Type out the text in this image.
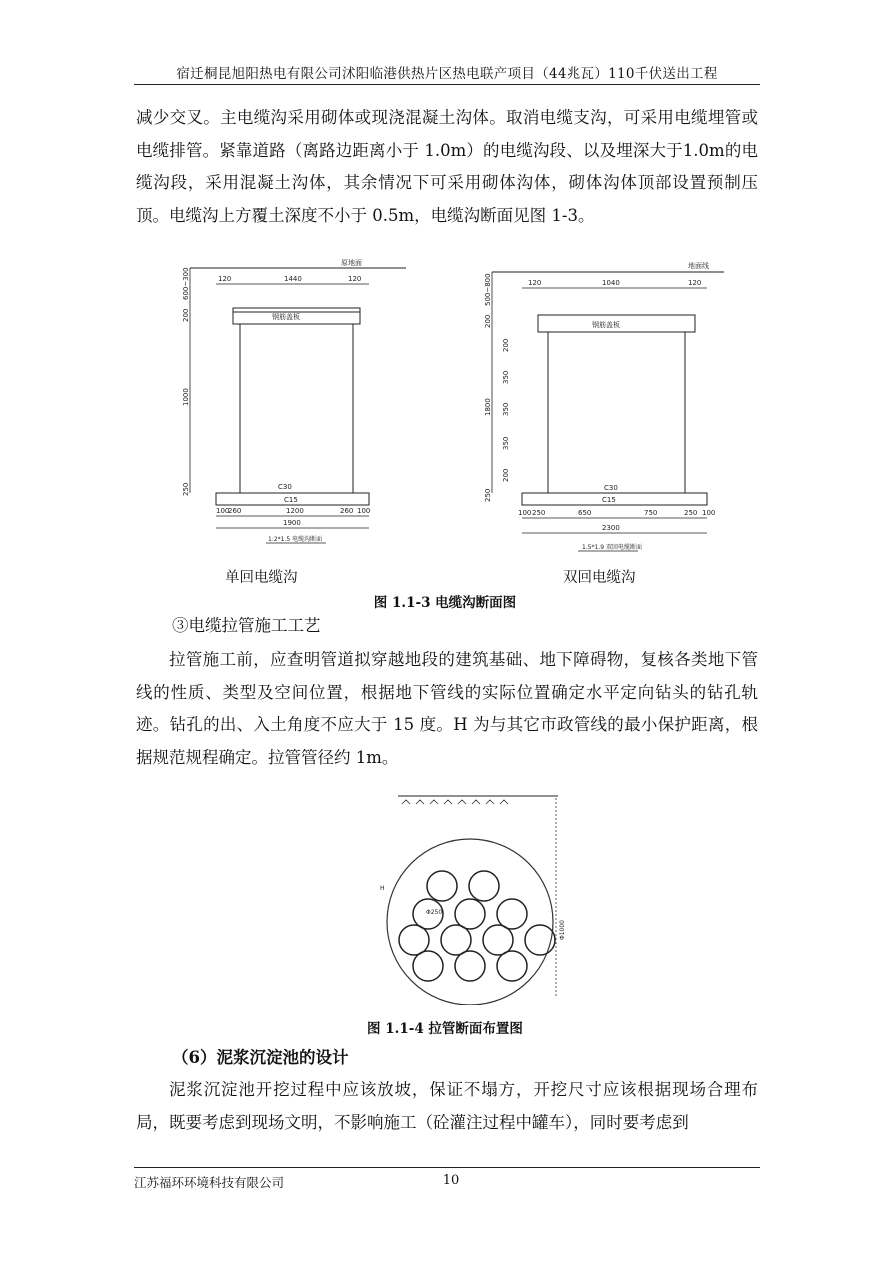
宿迁桐昆旭阳热电有限公司沭阳临港供热片区热电联产项目（44兆瓦）110千伏送出工程
减少交叉。主电缆沟采用砌体或现浇混凝土沟体。取消电缆支沟，可采用电缆埋管或电缆排管。紧靠道路（离路边距离小于 1.0m）的电缆沟段、以及埋深大于1.0m的电缆沟段，采用混凝土沟体，其余情况下可采用砌体沟体，砌体沟体顶部设置预制压顶。电缆沟上方覆土深度不小于 0.5m，电缆沟断面见图 1-3。
原地面
120	1440	120
钢筋盖板
C30
C15
100
260	1200	260 100
1900
1:2*1.5 电缆沟断面
600~300
200
1000
250
地面线
120	1040	120
钢筋盖板
C30
C15
100 250	650	750	250 100
2300
1.5*1.9 双回电缆断面
500~800
200
1800
250
200
350
350
350
200
单回电缆沟	双回电缆沟
图 1.1-3 电缆沟断面图
③电缆拉管施工工艺
拉管施工前，应查明管道拟穿越地段的建筑基础、地下障碍物，复核各类地下管线的性质、类型及空间位置，根据地下管线的实际位置确定水平定向钻头的钻孔轨迹。钻孔的出、入土角度不应大于 15 度。H 为与其它市政管线的最小保护距离，根据规范规程确定。拉管管径约 1m。
Φ250
H
Φ1000
图 1.1-4 拉管断面布置图
（6）泥浆沉淀池的设计
泥浆沉淀池开挖过程中应该放坡，保证不塌方，开挖尺寸应该根据现场合理布局，既要考虑到现场文明，不影响施工（砼灌注过程中罐车），同时要考虑到
江苏福环环境科技有限公司	10
